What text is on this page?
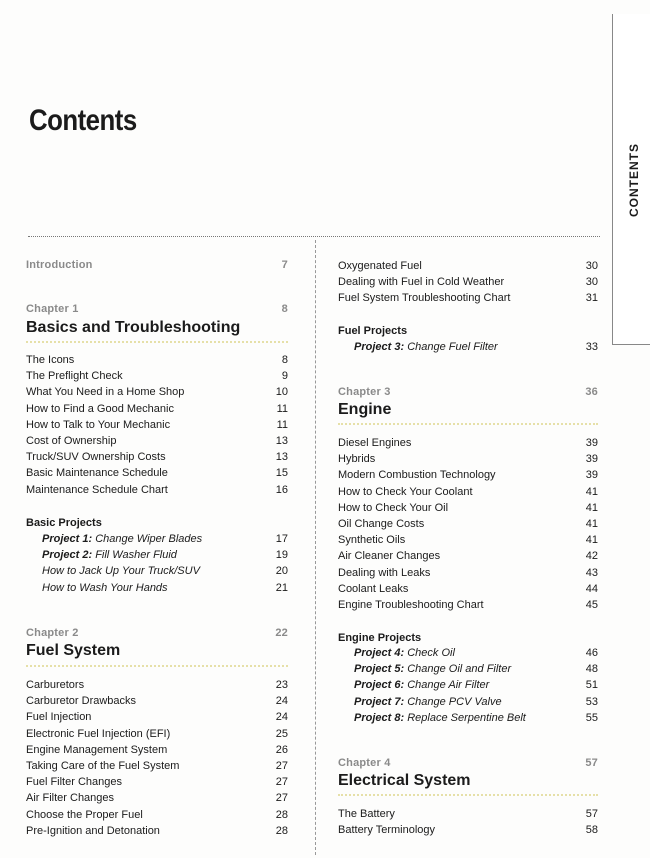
Contents
CONTENTS
Introduction	7
Chapter 1	8
Basics and Troubleshooting
The Icons	8
The Preflight Check	9
What You Need in a Home Shop	10
How to Find a Good Mechanic	11
How to Talk to Your Mechanic	11
Cost of Ownership	13
Truck/SUV Ownership Costs	13
Basic Maintenance Schedule	15
Maintenance Schedule Chart	16
Basic Projects
Project 1: Change Wiper Blades	17
Project 2: Fill Washer Fluid	19
How to Jack Up Your Truck/SUV	20
How to Wash Your Hands	21
Chapter 2	22
Fuel System
Carburetors	23
Carburetor Drawbacks	24
Fuel Injection	24
Electronic Fuel Injection (EFI)	25
Engine Management System	26
Taking Care of the Fuel System	27
Fuel Filter Changes	27
Air Filter Changes	27
Choose the Proper Fuel	28
Pre-Ignition and Detonation	28
Oxygenated Fuel	30
Dealing with Fuel in Cold Weather	30
Fuel System Troubleshooting Chart	31
Fuel Projects
Project 3: Change Fuel Filter	33
Chapter 3	36
Engine
Diesel Engines	39
Hybrids	39
Modern Combustion Technology	39
How to Check Your Coolant	41
How to Check Your Oil	41
Oil Change Costs	41
Synthetic Oils	41
Air Cleaner Changes	42
Dealing with Leaks	43
Coolant Leaks	44
Engine Troubleshooting Chart	45
Engine Projects
Project 4: Check Oil	46
Project 5: Change Oil and Filter	48
Project 6: Change Air Filter	51
Project 7: Change PCV Valve	53
Project 8: Replace Serpentine Belt	55
Chapter 4	57
Electrical System
The Battery	57
Battery Terminology	58
